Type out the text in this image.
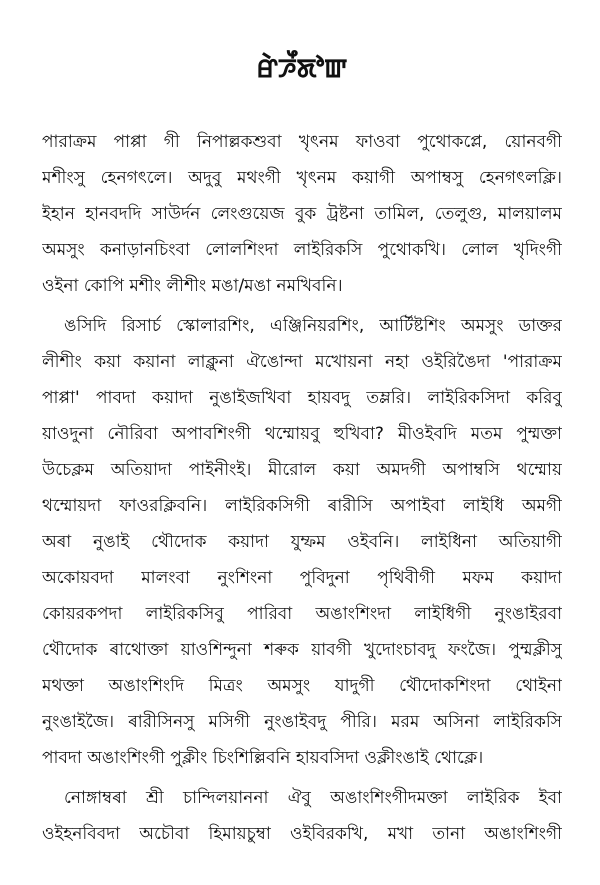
ꯔꯥꯍꯩꯗꯣꯛ
পারাক্রম পাপ্পা গী নিপাল্লকশুবা খৃৎনম ফাওবা পুথোকপ্লে, য়োনবগী
মশীংসু হেনগৎলে। অদুবু মথংগী খৃৎনম কয়াগী অপাম্বসু হেনগৎলক্লি।
ইহান হানবদদি সাউৰ্দন লেংগুয়েজ বুক ট্ৰষ্টনা তামিল, তেলুগু, মালয়ালম
অমসুং কনাড়ানচিংবা লোলশিংদা লাইরিকসি পুথোকখি। লোল খৃদিংগী
ওইনা কোপি মশীং লীশীং মঙা/মঙা নমখিবনি।
ঙসিদি রিসার্চ স্কোলারশিং, এঞ্জিনিয়রশিং, আর্টিষ্টশিং অমসুং ডাক্তর
লীশীং কয়া কয়ানা লাক্লুনা ঐঙোন্দা মখোয়না নহা ওইরিঙৈদা 'পারাক্রম
পাপ্পা' পাবদা কয়াদা নুঙাইজখিবা হায়বদু তম্লরি। লাইরিকসিদা করিবু
য়াওদুনা নৌরিবা অপাবশিংগী থম্মোয়বু হুখিবা? মীওইবদি মতম পুম্মক্তা
উচেক্লম অতিয়াদা পাইনীংই। মীরোল কয়া অমদগী অপাম্বসি থম্মোয়
থম্মোয়দা ফাওরক্লিবনি। লাইরিকসিগী ৰারীসি অপাইবা লাইধি অমগী
অৰা নুঙাই থৌদোক কয়াদা যুম্ফম ওইবনি। লাইধিনা অতিয়াগী
অকোয়বদা মালংবা নুংশিংনা পুবিদুনা পৃথিবীগী মফম কয়াদা
কোয়রকপদা লাইরিকসিবু পারিবা অঙাংশিংদা লাইধিগী নুংঙাইরবা
থৌদোক ৰাথোক্তা য়াওশিন্দুনা শৰুক য়াবগী খুদোংচাবদু ফংজৈ। পুম্মক্লীসু
মথক্তা অঙাংশিংদি মিত্ৰং অমসুং যাদুগী থৌদোকশিংদা থোইনা
নুংঙাইজৈ। ৰারীসিনসু মসিগী নুংঙাইবদু পীরি। মরম অসিনা লাইরিকসি
পাবদা অঙাংশিংগী পুক্লীং চিংশিল্লিবনি হায়বসিদা ওক্লীংঙাই থোক্লে।
নোঙ্গাম্বৰা শ্ৰী চান্দিলয়াননা ঐবু অঙাংশিংগীদমক্তা লাইরিক ইবা
ওইহনবিবদা অচৌবা হিমায়চুম্বা ওইবিরকখি, মখা তানা অঙাংশিংগী
